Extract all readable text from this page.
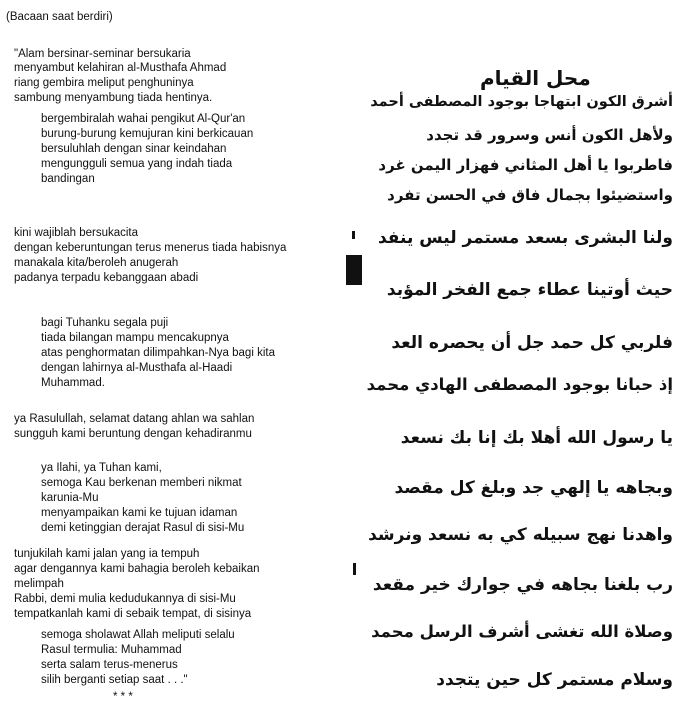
(Bacaan saat berdiri)
"Alam bersinar-seminar bersukaria
menyambut kelahiran al-Musthafa Ahmad
riang gembira meliput penghuninya
sambung menyambung tiada hentinya.
bergembiralah wahai pengikut Al-Qur'an
burung-burung kemujuran kini berkicauan
bersuluhlah dengan sinar keindahan
mengungguli semua yang indah tiada
bandingan
kini wajiblah bersukacita
dengan keberuntungan terus menerus tiada habisnya
manakala kita/beroleh anugerah
padanya terpadu kebanggaan abadi
bagi Tuhanku segala puji
tiada bilangan mampu mencakupnya
atas penghormatan dilimpahkan-Nya bagi kita
dengan lahirnya al-Musthafa al-Haadi
Muhammad.
ya Rasulullah, selamat datang ahlan wa sahlan
sungguh kami beruntung dengan kehadiranmu
ya Ilahi, ya Tuhan kami,
semoga Kau berkenan memberi nikmat
karunia-Mu
menyampaikan kami ke tujuan idaman
demi ketinggian derajat Rasul di sisi-Mu
tunjukilah kami jalan yang ia tempuh
agar dengannya kami bahagia beroleh kebaikan
melimpah
Rabbi, demi mulia kedudukannya di sisi-Mu
tempatkanlah kami di sebaik tempat, di sisinya
semoga sholawat Allah meliputi selalu
Rasul termulia: Muhammad
serta salam terus-menerus
silih berganti setiap saat . . ."
* * *
محل القيام
أشرق الكون ابتهاجا بوجود المصطفى أحمد
ولأهل الكون أنس وسرور قد تجدد
فاطربوا يا أهل المثاني فهزار اليمن غرد
واستضيئوا بجمال فاق في الحسن تفرد
ولنا البشرى بسعد مستمر ليس ينفد
حيث أوتينا عطاء جمع الفخر المؤبد
فلربي كل حمد جل أن يحصره العد
إذ حبانا بوجود المصطفى الهادي محمد
يا رسول الله أهلا بك إنا بك نسعد
وبجاهه يا إلهي جد وبلغ كل مقصد
واهدنا نهج سبيله كي به نسعد ونرشد
رب بلغنا بجاهه في جوارك خير مقعد
وصلاة الله تغشى أشرف الرسل محمد
وسلام مستمر كل حين يتجدد
